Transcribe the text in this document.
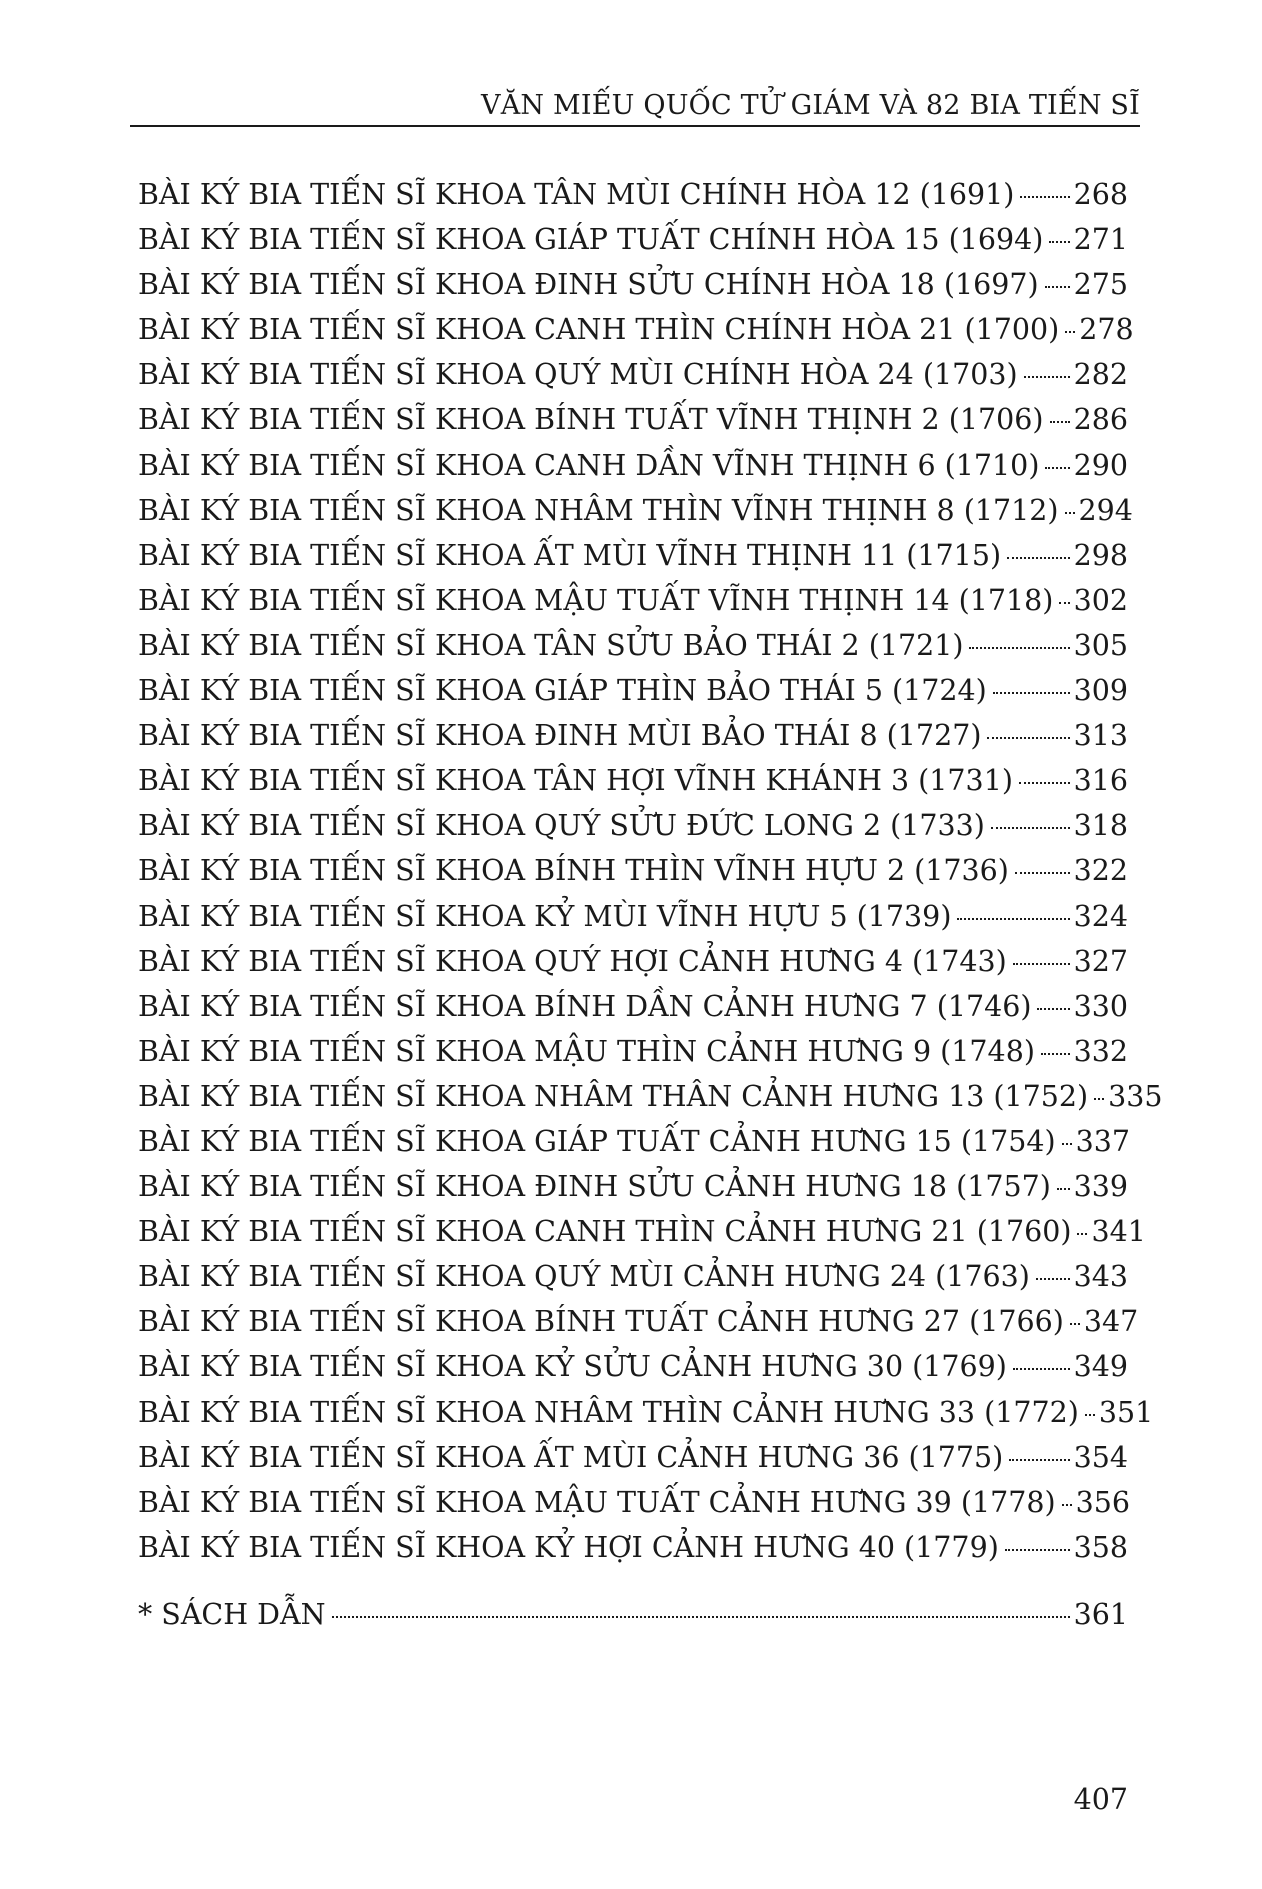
VĂN MIẾU QUỐC TỬ GIÁM VÀ 82 BIA TIẾN SĨ
BÀI KÝ BIA TIẾN SĨ KHOA TÂN MÙI CHÍNH HÒA 12 (1691) 268
BÀI KÝ BIA TIẾN SĨ KHOA GIÁP TUẤT CHÍNH HÒA 15 (1694) 271
BÀI KÝ BIA TIẾN SĨ KHOA ĐINH SỬU CHÍNH HÒA 18 (1697) 275
BÀI KÝ BIA TIẾN SĨ KHOA CANH THÌN CHÍNH HÒA 21 (1700) 278
BÀI KÝ BIA TIẾN SĨ KHOA QUÝ MÙI CHÍNH HÒA 24 (1703) 282
BÀI KÝ BIA TIẾN SĨ KHOA BÍNH TUẤT VĨNH THỊNH 2 (1706) 286
BÀI KÝ BIA TIẾN SĨ KHOA CANH DẦN VĨNH THỊNH 6 (1710) 290
BÀI KÝ BIA TIẾN SĨ KHOA NHÂM THÌN VĨNH THỊNH 8 (1712) 294
BÀI KÝ BIA TIẾN SĨ KHOA ẤT MÙI VĨNH THỊNH 11 (1715)	298
BÀI KÝ BIA TIẾN SĨ KHOA MẬU TUẤT VĨNH THỊNH 14 (1718) 302
BÀI KÝ BIA TIẾN SĨ KHOA TÂN SỬU BẢO THÁI 2 (1721)	305
BÀI KÝ BIA TIẾN SĨ KHOA GIÁP THÌN BẢO THÁI 5 (1724)	309
BÀI KÝ BIA TIẾN SĨ KHOA ĐINH MÙI BẢO THÁI 8 (1727)	313
BÀI KÝ BIA TIẾN SĨ KHOA TÂN HỢI VĨNH KHÁNH 3 (1731) 316
BÀI KÝ BIA TIẾN SĨ KHOA QUÝ SỬU ĐỨC LONG 2 (1733)	318
BÀI KÝ BIA TIẾN SĨ KHOA BÍNH THÌN VĨNH HỰU 2 (1736) 322
BÀI KÝ BIA TIẾN SĨ KHOA KỶ MÙI VĨNH HỰU 5 (1739)	324
BÀI KÝ BIA TIẾN SĨ KHOA QUÝ HỢI CẢNH HƯNG 4 (1743) 327
BÀI KÝ BIA TIẾN SĨ KHOA BÍNH DẦN CẢNH HƯNG 7 (1746) 330
BÀI KÝ BIA TIẾN SĨ KHOA MẬU THÌN CẢNH HƯNG 9 (1748) 332
BÀI KÝ BIA TIẾN SĨ KHOA NHÂM THÂN CẢNH HƯNG 13 (1752) 335
BÀI KÝ BIA TIẾN SĨ KHOA GIÁP TUẤT CẢNH HƯNG 15 (1754) 337
BÀI KÝ BIA TIẾN SĨ KHOA ĐINH SỬU CẢNH HƯNG 18 (1757) 339
BÀI KÝ BIA TIẾN SĨ KHOA CANH THÌN CẢNH HƯNG 21 (1760) 341
BÀI KÝ BIA TIẾN SĨ KHOA QUÝ MÙI CẢNH HƯNG 24 (1763) 343
BÀI KÝ BIA TIẾN SĨ KHOA BÍNH TUẤT CẢNH HƯNG 27 (1766) 347
BÀI KÝ BIA TIẾN SĨ KHOA KỶ SỬU CẢNH HƯNG 30 (1769) 349
BÀI KÝ BIA TIẾN SĨ KHOA NHÂM THÌN CẢNH HƯNG 33 (1772) 351
BÀI KÝ BIA TIẾN SĨ KHOA ẤT MÙI CẢNH HƯNG 36 (1775) 354
BÀI KÝ BIA TIẾN SĨ KHOA MẬU TUẤT CẢNH HƯNG 39 (1778) 356
BÀI KÝ BIA TIẾN SĨ KHOA KỶ HỢI CẢNH HƯNG 40 (1779)	358
* SÁCH DẪN	361
407
